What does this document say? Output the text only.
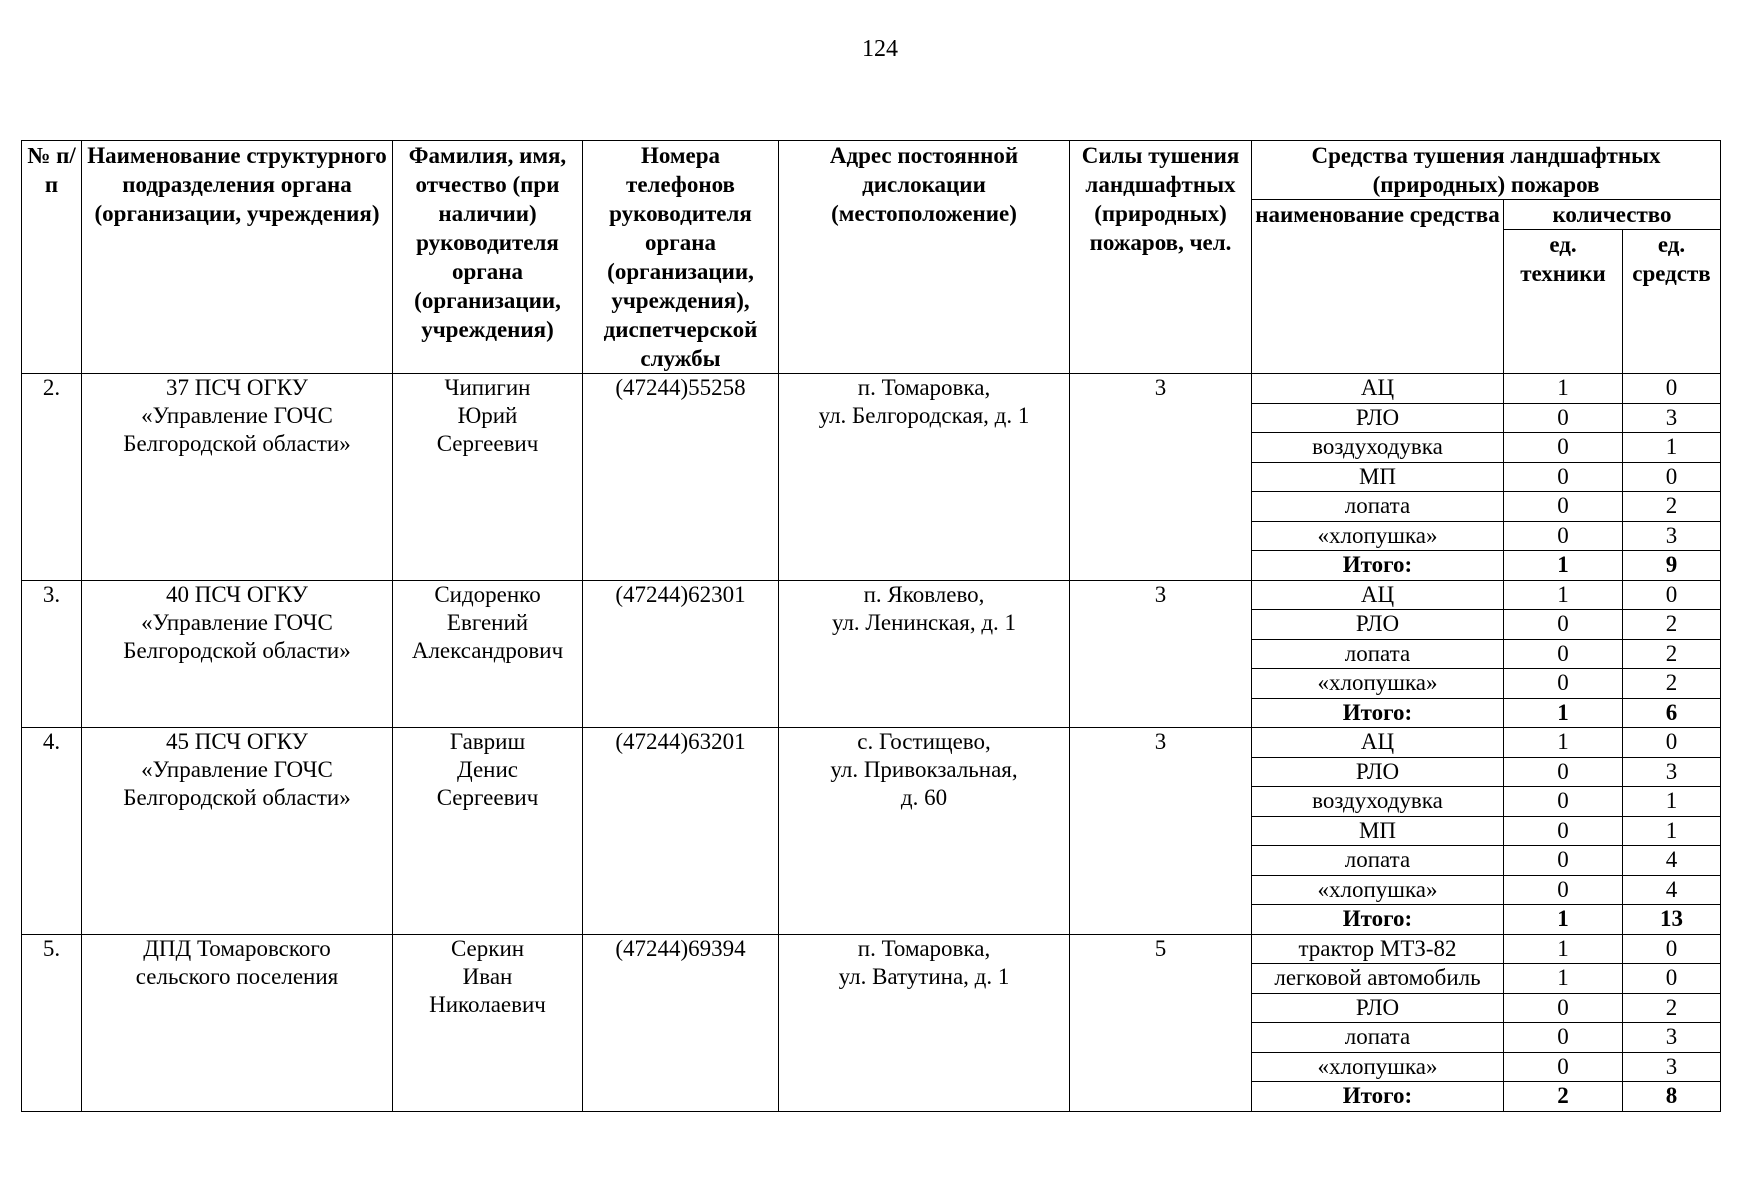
124
№ п/п	Наименование структурного подразделения органа (организации, учреждения)	Фамилия, имя, отчество (при наличии) руководителя органа (организации, учреждения)	Номера телефонов руководителя органа (организации, учреждения), диспетчерской службы	Адрес постоянной дислокации (местоположение)	Силы тушения ландшафтных (природных) пожаров, чел.	Средства тушения ландшафтных (природных) пожаров		
						наименование средства	количество	
							ед. техники	ед. средств
2.	37 ПСЧ ОГКУ
«Управление ГОЧС
Белгородской области»	Чипигин
Юрий
Сергеевич	(47244)55258	п. Томаровка,
ул. Белгородская, д. 1	3	АЦ	1	0
						РЛО	0	3
						воздуходувка	0	1
						МП	0	0
						лопата	0	2
						«хлопушка»	0	3
						Итого:	1	9
3.	40 ПСЧ ОГКУ
«Управление ГОЧС
Белгородской области»	Сидоренко
Евгений
Александрович	(47244)62301	п. Яковлево,
ул. Ленинская, д. 1	3	АЦ	1	0
						РЛО	0	2
						лопата	0	2
						«хлопушка»	0	2
						Итого:	1	6
4.	45 ПСЧ ОГКУ
«Управление ГОЧС
Белгородской области»	Гавриш
Денис
Сергеевич	(47244)63201	с. Гостищево,
ул. Привокзальная,
д. 60	3	АЦ	1	0
						РЛО	0	3
						воздуходувка	0	1
						МП	0	1
						лопата	0	4
						«хлопушка»	0	4
						Итого:	1	13
5.	ДПД Томаровского
сельского поселения	Серкин
Иван
Николаевич	(47244)69394	п. Томаровка,
ул. Ватутина, д. 1	5	трактор МТЗ-82	1	0
						легковой автомобиль	1	0
						РЛО	0	2
						лопата	0	3
						«хлопушка»	0	3
						Итого:	2	8
